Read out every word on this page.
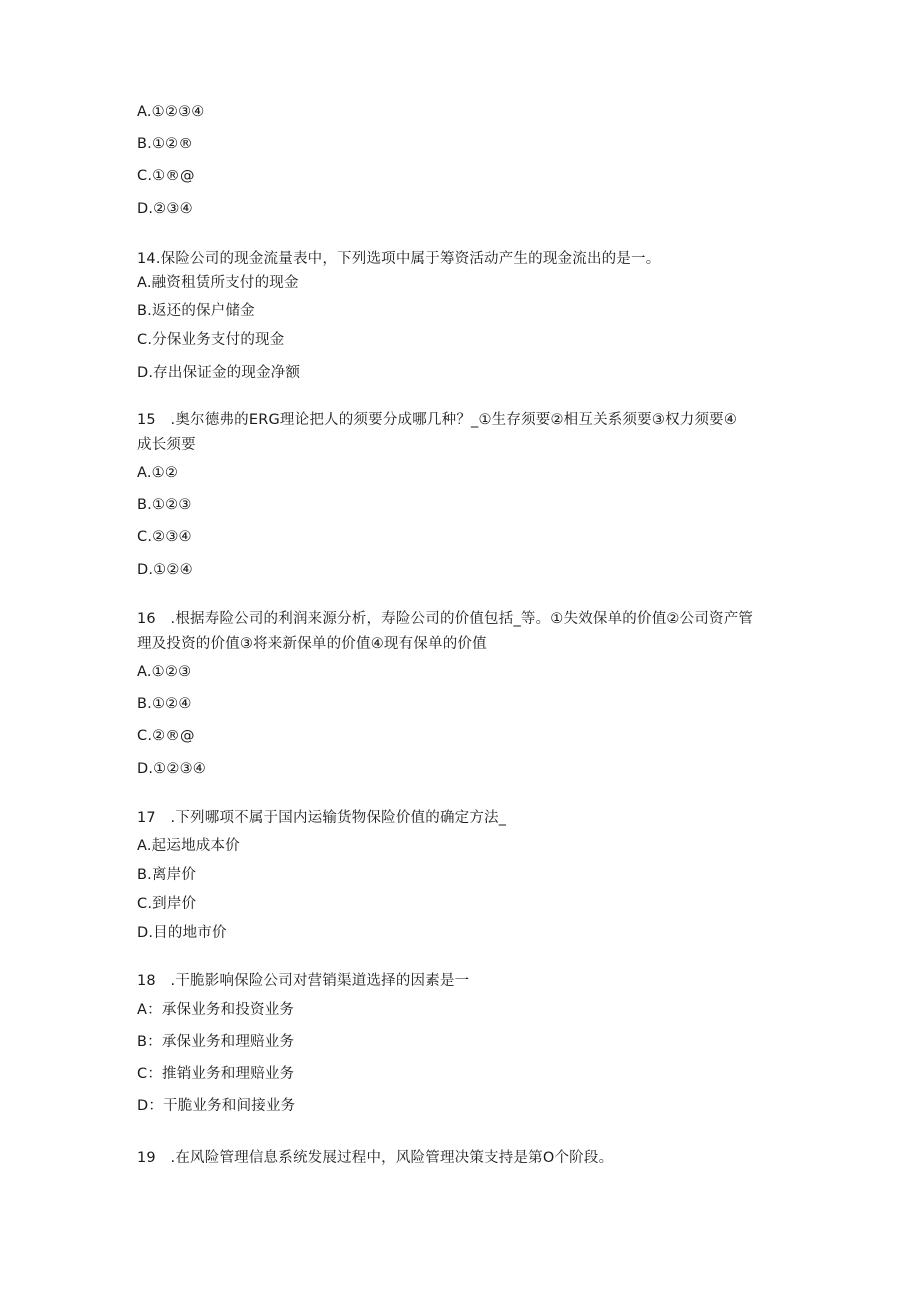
A.①②③④

B.①②®

C.①®@

D.②③④

14.保险公司的现金流量表中，下列选项中属于筹资活动产生的现金流出的是一。

A.融资租赁所支付的现金

B.返还的保户储金

C.分保业务支付的现金

D.存出保证金的现金净额

15　.奥尔德弗的ERG理论把人的须要分成哪几种？_①生存须要②相互关系须要③权力须要④

成长须要

A.①②

B.①②③

C.②③④

D.①②④

16　.根据寿险公司的利润来源分析，寿险公司的价值包括_等。①失效保单的价值②公司资产管

理及投资的价值③将来新保单的价值④现有保单的价值

A.①②③

B.①②④

C.②®@

D.①②③④

17　.下列哪项不属于国内运输货物保险价值的确定方法_

A.起运地成本价

B.离岸价

C.到岸价

D.目的地市价

18　.干脆影响保险公司对营销渠道选择的因素是一

A：承保业务和投资业务

B：承保业务和理赔业务

C：推销业务和理赔业务

D：干脆业务和间接业务

19　.在风险管理信息系统发展过程中，风险管理决策支持是第O个阶段。
